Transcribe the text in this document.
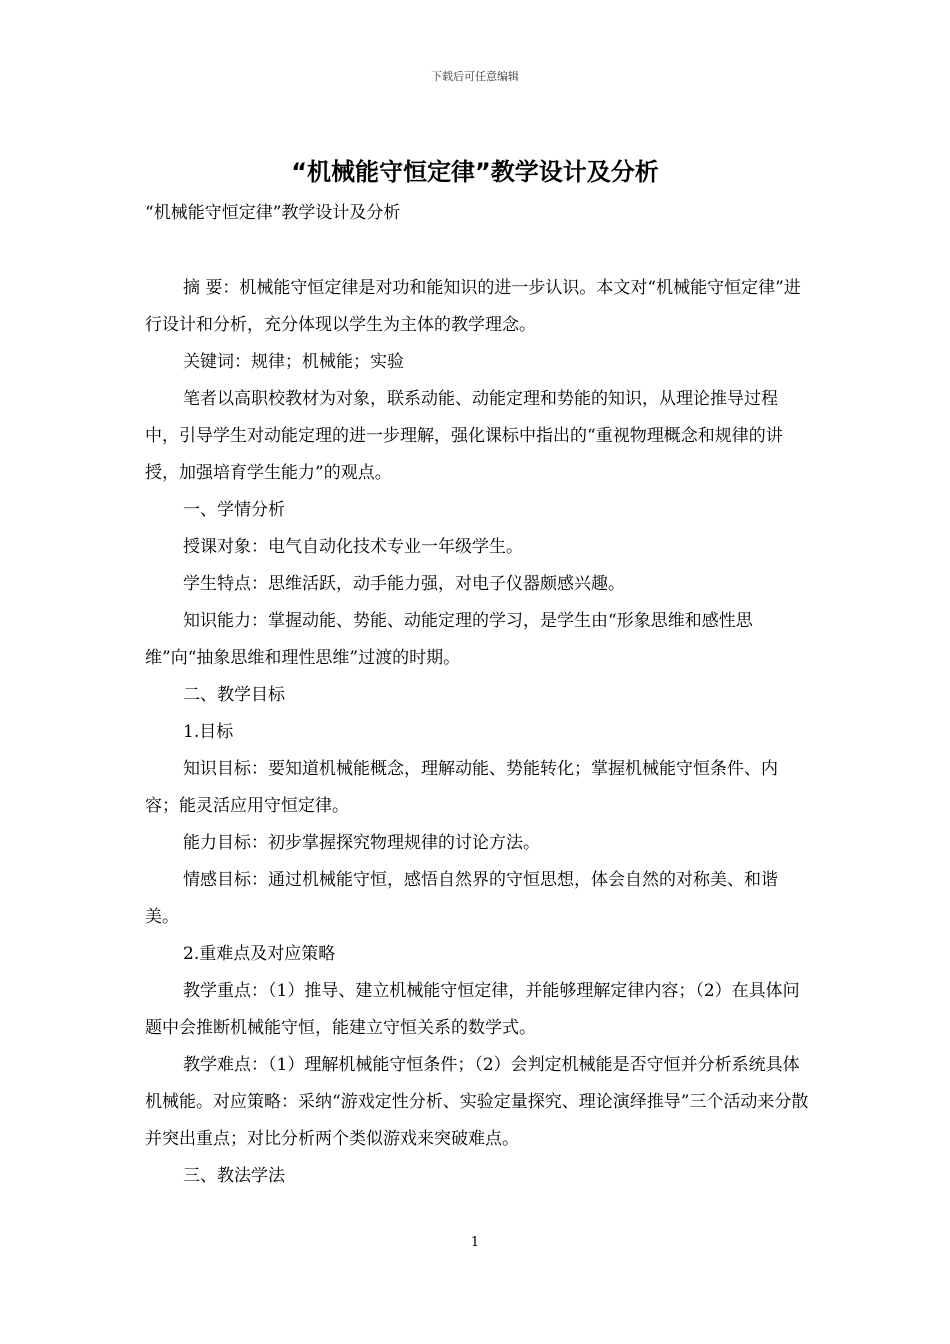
下载后可任意编辑
“机械能守恒定律”教学设计及分析

“机械能守恒定律”教学设计及分析

摘 要：机械能守恒定律是对功和能知识的进一步认识。本文对“机械能守恒定律”进行设计和分析，充分体现以学生为主体的教学理念。

关键词：规律；机械能；实验

笔者以高职校教材为对象，联系动能、动能定理和势能的知识，从理论推导过程中，引导学生对动能定理的进一步理解，强化课标中指出的“重视物理概念和规律的讲授，加强培育学生能力”的观点。

一、学情分析

授课对象：电气自动化技术专业一年级学生。

学生特点：思维活跃，动手能力强，对电子仪器颇感兴趣。

知识能力：掌握动能、势能、动能定理的学习，是学生由“形象思维和感性思维”向“抽象思维和理性思维”过渡的时期。

二、教学目标

1.目标

知识目标：要知道机械能概念，理解动能、势能转化；掌握机械能守恒条件、内容；能灵活应用守恒定律。

能力目标：初步掌握探究物理规律的讨论方法。

情感目标：通过机械能守恒，感悟自然界的守恒思想，体会自然的对称美、和谐美。

2.重难点及对应策略

教学重点：（1）推导、建立机械能守恒定律，并能够理解定律内容；（2）在具体问题中会推断机械能守恒，能建立守恒关系的数学式。

教学难点：（1）理解机械能守恒条件；（2）会判定机械能是否守恒并分析系统具体机械能。对应策略：采纳“游戏定性分析、实验定量探究、理论演绎推导”三个活动来分散并突出重点；对比分析两个类似游戏来突破难点。

三、教法学法

1
